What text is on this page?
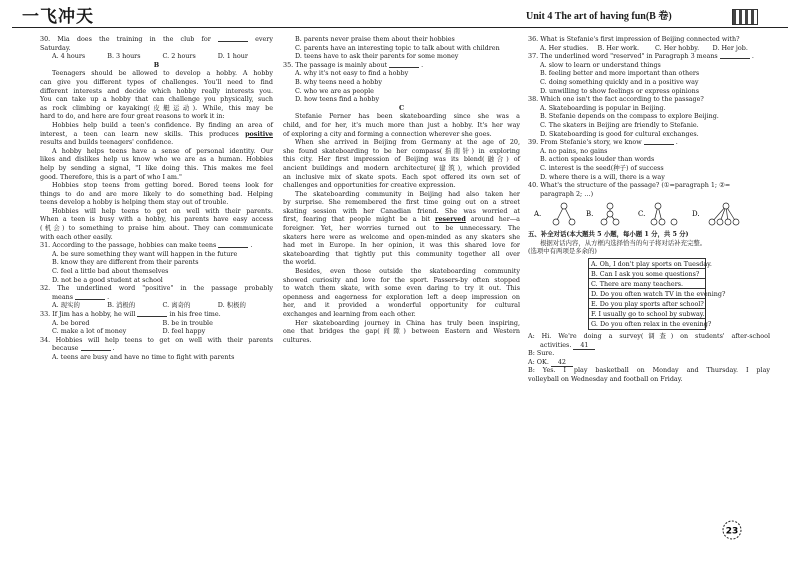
一飞冲天	Unit 4 The art of having fun(B 卷)
30. Mia does the training in the club for	every
Saturday.
A. 4 hours	B. 3 hours	C. 2 hours	D. 1 hour
B
Teenagers should be allowed to develop a hobby. A hobby
can give you different types of challenges. You'll need to find
different interests and decide which hobby really interests you.
You can take up a hobby that can challenge you physically, such
as rock climbing or kayaking(皮艇运动). While, this may be
hard to do, and here are four great reasons to work it in:
Hobbies help build a teen's confidence. By finding an area of
interest, a teen can learn new skills. This produces positive
results and builds teenagers' confidence.
A hobby helps teens have a sense of personal identity. Our
likes and dislikes help us know who we are as a human. Hobbies
help by sending a signal, "I like doing this. This makes me feel
good. Therefore, this is a part of who I am."
Hobbies stop teens from getting bored. Bored teens look for
things to do and are more likely to do something bad. Helping
teens develop a hobby is helping them stay out of trouble.
Hobbies will help teens to get on well with their parents.
When a teen is busy with a hobby, his parents have easy access
(机会) to something to praise him about. They can communicate
with each other easily.
31. According to the passage, hobbies can make teens	.
A. be sure something they want will happen in the future
B. know they are different from their parents
C. feel a little bad about themselves
D. not be a good student at school
32. The underlined word "positive" in the passage probably
means	.
A. 现实的	B. 消极的	C. 离奇的	D. 积极的
33. If Jim has a hobby, he will	in his free time.
A. be bored	B. be in trouble
C. make a lot of money	D. feel happy
34. Hobbies will help teens to get on well with their parents
because	.
A. teens are busy and have no time to fight with parents
B. parents never praise them about their hobbies
C. parents have an interesting topic to talk about with children
D. teens have to ask their parents for some money
35. The passage is mainly about	.
A. why it's not easy to find a hobby
B. why teens need a hobby
C. who we are as people
D. how teens find a hobby
C
Stefanie Perner has been skateboarding since she was a
child, and for her, it's much more than just a hobby. It's her way
of exploring a city and forming a connection wherever she goes.
When she arrived in Beijing from Germany at the age of 20,
she found skateboarding to be her compass(指南针) in exploring
this city. Her first impression of Beijing was its blend(融合) of
ancient buildings and modern architecture(建筑), which provided
an inclusive mix of skate spots. Each spot offered its own set of
challenges and opportunities for creative expression.
The skateboarding community in Beijing had also taken her
by surprise. She remembered the first time going out on a street
skating session with her Canadian friend. She was worried at
first, fearing that people might be a bit reserved around her—a
foreigner. Yet, her worries turned out to be unnecessary. The
skaters here were as welcome and open-minded as any skaters she
had met in Europe. In her opinion, it was this shared love for
skateboarding that tightly put this community together all over
the world.
Besides, even those outside the skateboarding community
showed curiosity and love for the sport. Passers-by often stopped
to watch them skate, with some even daring to try it out. This
openness and eagerness for exploration left a deep impression on
her, and it provided a wonderful opportunity for cultural
exchanges and learning from each other.
Her skateboarding journey in China has truly been inspiring,
one that bridges the gap(间隙) between Eastern and Western
cultures.
36. What is Stefanie's first impression of Beijing connected with?
A. Her studies. B. Her work.	C. Her hobby. D. Her job.
37. The underlined word "reserved" in Paragraph 3 means	.
A. slow to learn or understand things
B. feeling better and more important than others
C. doing something quickly and in a positive way
D. unwilling to show feelings or express opinions
38. Which one isn't the fact according to the passage?
A. Skateboarding is popular in Beijing.
B. Stefanie depends on the compass to explore Beijing.
C. The skaters in Beijing are friendly to Stefanie.
D. Skateboarding is good for cultural exchanges.
39. From Stefanie's story, we know	.
A. no pains, no gains
B. action speaks louder than words
C. interest is the seed(种子) of success
D. where there is a will, there is a way
40. What's the structure of the passage? (①=paragraph 1; ②=
paragraph 2; …)
A.	B.	C.	D.
五、补全对话(本大题共 5 小题，每小题 1 分，共 5 分)
根据对话内容，从方框内选择恰当的句子将对话补充完整。
(选项中有两项是多余的)
A. Oh, I don't play sports on Tuesday.
B. Can I ask you some questions?
C. There are many teachers.
D. Do you often watch TV in the evening?
E. Do you play sports after school?
F. I usually go to school by subway.
G. Do you often relax in the evening?
A: Hi. We're doing a survey(调查) on students' after-school
activities. 41
B: Sure.
A: OK. 42
B: Yes. I play basketball on Monday and Thursday. I play
volleyball on Wednesday and football on Friday.
23
